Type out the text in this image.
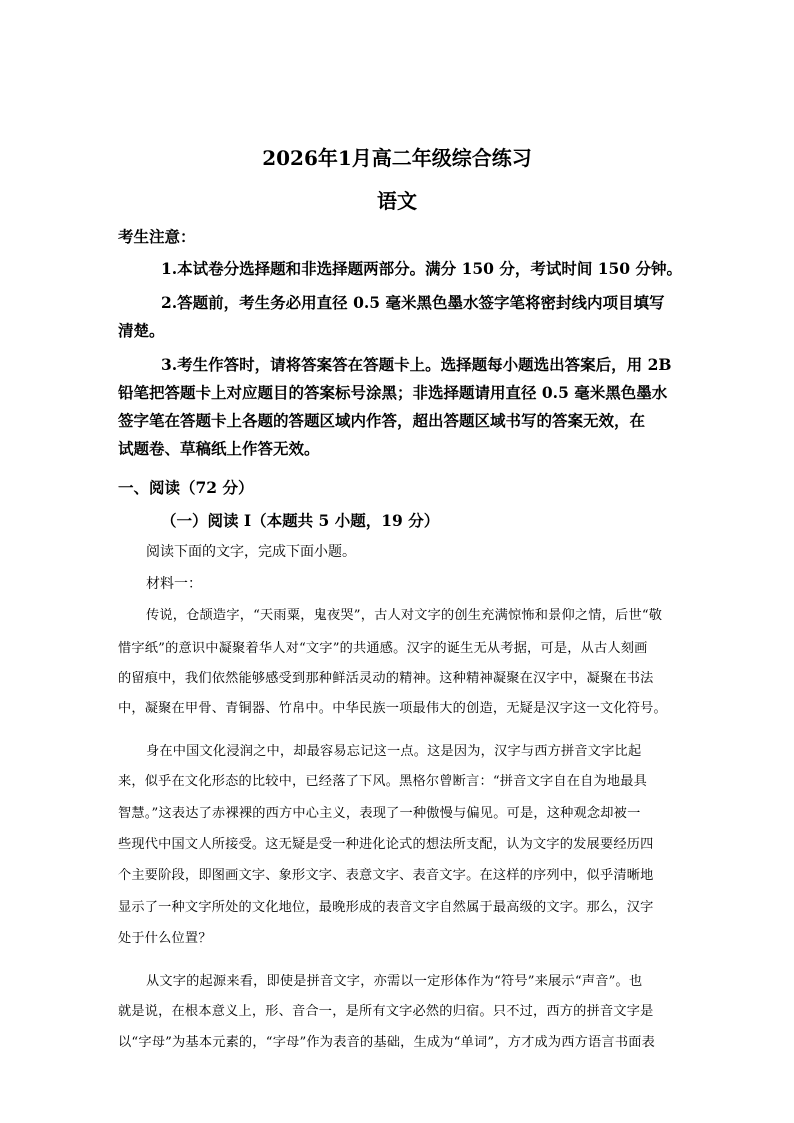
2026年1月高二年级综合练习
语文
考生注意：
1.本试卷分选择题和非选择题两部分。满分 150 分，考试时间 150 分钟。
2.答题前，考生务必用直径 0.5 毫米黑色墨水签字笔将密封线内项目填写
清楚。
3.考生作答时，请将答案答在答题卡上。选择题每小题选出答案后，用 2B
铅笔把答题卡上对应题目的答案标号涂黑；非选择题请用直径 0.5 毫米黑色墨水
签字笔在答题卡上各题的答题区域内作答，超出答题区域书写的答案无效，在
试题卷、草稿纸上作答无效。
一、阅读（72 分）
（一）阅读 I（本题共 5 小题，19 分）
阅读下面的文字，完成下面小题。
材料一：
传说，仓颉造字，“天雨粟，鬼夜哭”，古人对文字的创生充满惊怖和景仰之情，后世“敬
惜字纸”的意识中凝聚着华人对“文字”的共通感。汉字的诞生无从考据，可是，从古人刻画
的留痕中，我们依然能够感受到那种鲜活灵动的精神。这种精神凝聚在汉字中，凝聚在书法
中，凝聚在甲骨、青铜器、竹帛中。中华民族一项最伟大的创造，无疑是汉字这一文化符号。
身在中国文化浸润之中，却最容易忘记这一点。这是因为，汉字与西方拼音文字比起
来，似乎在文化形态的比较中，已经落了下风。黑格尔曾断言：“拼音文字自在自为地最具
智慧。”这表达了赤裸裸的西方中心主义，表现了一种傲慢与偏见。可是，这种观念却被一
些现代中国文人所接受。这无疑是受一种进化论式的想法所支配，认为文字的发展要经历四
个主要阶段，即图画文字、象形文字、表意文字、表音文字。在这样的序列中，似乎清晰地
显示了一种文字所处的文化地位，最晚形成的表音文字自然属于最高级的文字。那么，汉字
处于什么位置？
从文字的起源来看，即使是拼音文字，亦需以一定形体作为“符号”来展示“声音”。也
就是说，在根本意义上，形、音合一，是所有文字必然的归宿。只不过，西方的拼音文字是
以“字母”为基本元素的，“字母”作为表音的基础，生成为“单词”，方才成为西方语言书面表
